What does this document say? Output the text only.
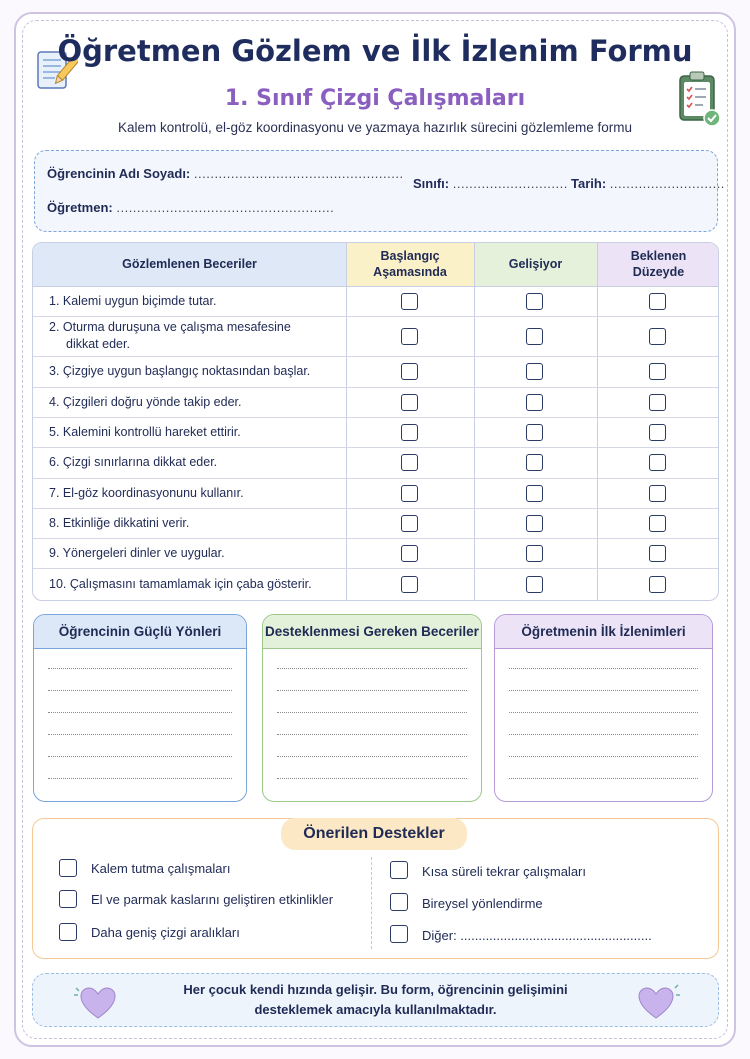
Öğretmen Gözlem ve İlk İzlenim Formu
1. Sınıf Çizgi Çalışmaları
Kalem kontrolü, el-göz koordinasyonu ve yazmaya hazırlık sürecini gözlemleme formu
Öğrencinin Adı Soyadı: ...................................................
Sınıfı: ............................ Tarih: ............................
Öğretmen: .....................................................
Gözlemlenen Beceriler
Başlangıç
Aşamasında
Gelişiyor
Beklenen
Düzeyde
1. Kalemi uygun biçimde tutar.
2. Oturma duruşuna ve çalışma mesafesine
dikkat eder.
3. Çizgiye uygun başlangıç noktasından başlar.
4. Çizgileri doğru yönde takip eder.
5. Kalemini kontrollü hareket ettirir.
6. Çizgi sınırlarına dikkat eder.
7. El-göz koordinasyonunu kullanır.
8. Etkinliğe dikkatini verir.
9. Yönergeleri dinler ve uygular.
10. Çalışmasını tamamlamak için çaba gösterir.
Öğrencinin Güçlü Yönleri	Desteklenmesi Gereken Beceriler	Öğretmenin İlk İzlenimleri
Önerilen Destekler
Kalem tutma çalışmaları
El ve parmak kaslarını geliştiren etkinlikler
Daha geniş çizgi aralıkları
Kısa süreli tekrar çalışmaları
Bireysel yönlendirme
Diğer: .....................................................
Her çocuk kendi hızında gelişir. Bu form, öğrencinin gelişimini
desteklemek amacıyla kullanılmaktadır.
